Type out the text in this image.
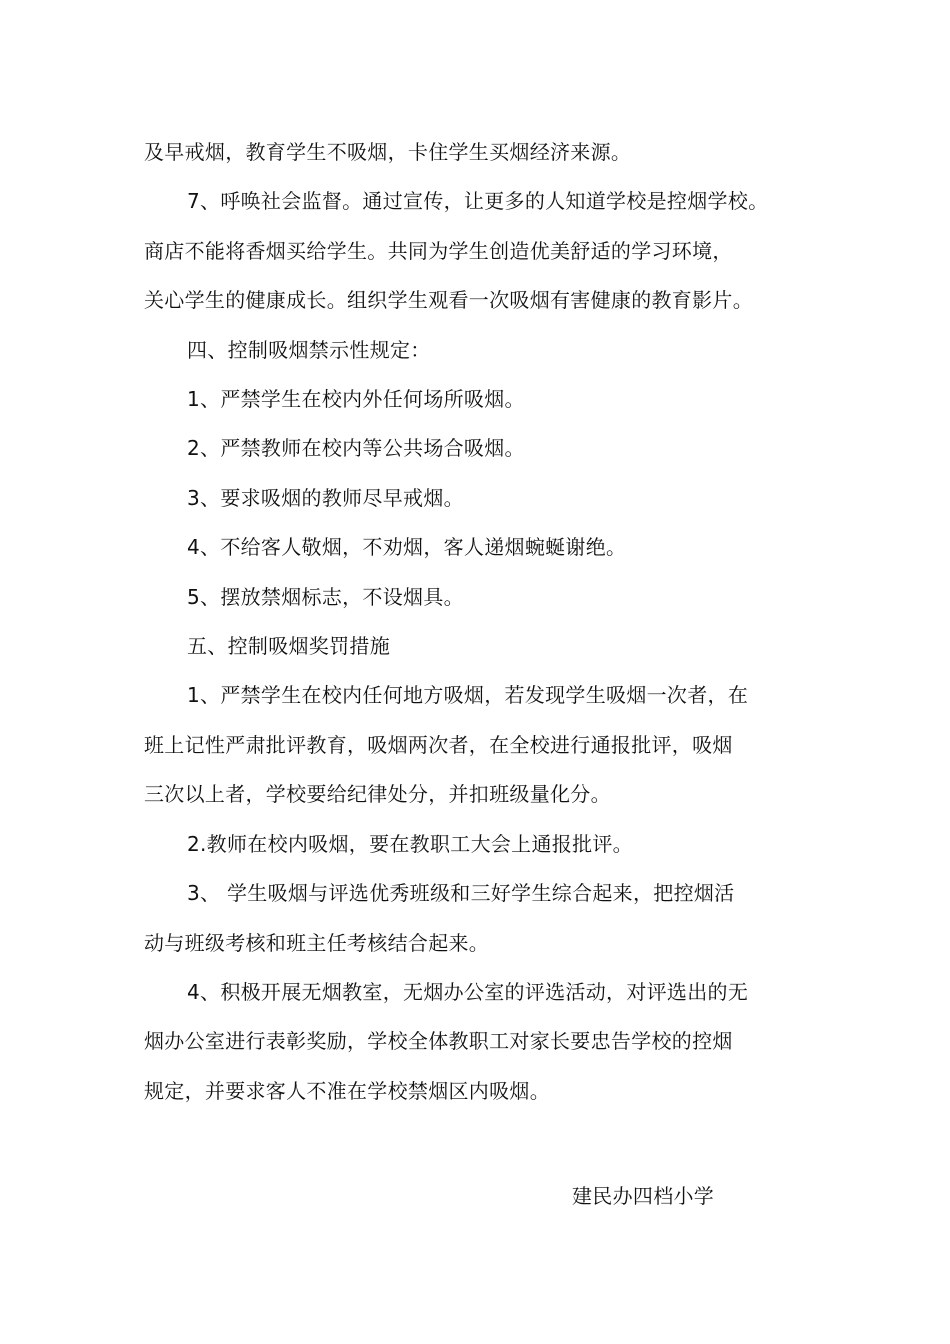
及早戒烟，教育学生不吸烟，卡住学生买烟经济来源。

7、呼唤社会监督。通过宣传，让更多的人知道学校是控烟学校。

商店不能将香烟买给学生。共同为学生创造优美舒适的学习环境，

关心学生的健康成长。组织学生观看一次吸烟有害健康的教育影片。

四、控制吸烟禁示性规定：

1、严禁学生在校内外任何场所吸烟。

2、严禁教师在校内等公共场合吸烟。

3、要求吸烟的教师尽早戒烟。

4、不给客人敬烟，不劝烟，客人递烟蜿蜒谢绝。

5、摆放禁烟标志，不设烟具。

五、控制吸烟奖罚措施

1、严禁学生在校内任何地方吸烟，若发现学生吸烟一次者，在

班上记性严肃批评教育，吸烟两次者，在全校进行通报批评，吸烟

三次以上者，学校要给纪律处分，并扣班级量化分。

2.教师在校内吸烟，要在教职工大会上通报批评。

3、 学生吸烟与评选优秀班级和三好学生综合起来，把控烟活

动与班级考核和班主任考核结合起来。

4、积极开展无烟教室，无烟办公室的评选活动，对评选出的无

烟办公室进行表彰奖励，学校全体教职工对家长要忠告学校的控烟

规定，并要求客人不准在学校禁烟区内吸烟。

建民办四档小学
